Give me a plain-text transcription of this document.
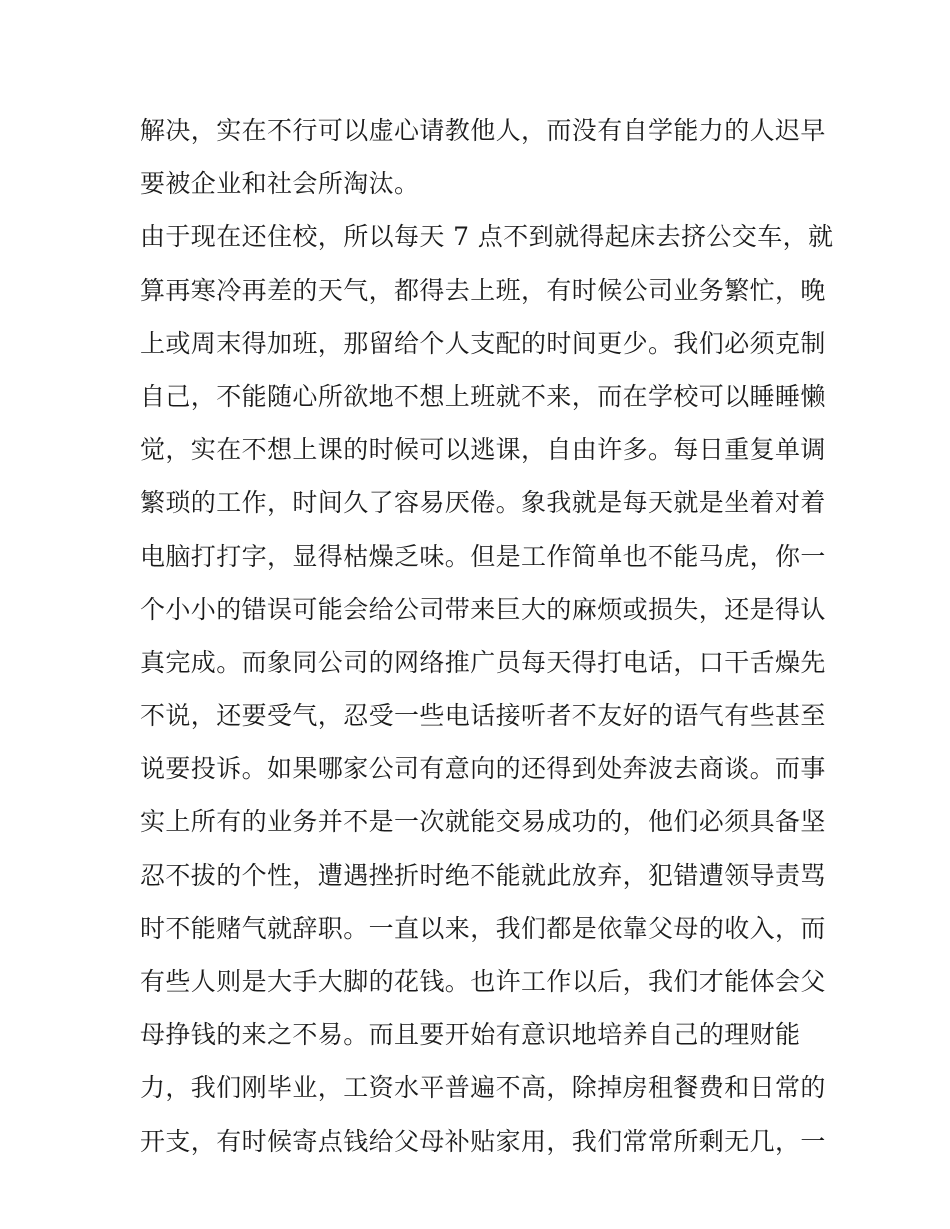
解决，实在不行可以虚心请教他人，而没有自学能力的人迟早
要被企业和社会所淘汰。
由于现在还住校，所以每天 7 点不到就得起床去挤公交车，就
算再寒冷再差的天气，都得去上班，有时候公司业务繁忙，晚
上或周末得加班，那留给个人支配的时间更少。我们必须克制
自己，不能随心所欲地不想上班就不来，而在学校可以睡睡懒
觉，实在不想上课的时候可以逃课，自由许多。每日重复单调
繁琐的工作，时间久了容易厌倦。象我就是每天就是坐着对着
电脑打打字，显得枯燥乏味。但是工作简单也不能马虎，你一
个小小的错误可能会给公司带来巨大的麻烦或损失，还是得认
真完成。而象同公司的网络推广员每天得打电话，口干舌燥先
不说，还要受气，忍受一些电话接听者不友好的语气有些甚至
说要投诉。如果哪家公司有意向的还得到处奔波去商谈。而事
实上所有的业务并不是一次就能交易成功的，他们必须具备坚
忍不拔的个性，遭遇挫折时绝不能就此放弃，犯错遭领导责骂
时不能赌气就辞职。一直以来，我们都是依靠父母的收入，而
有些人则是大手大脚的花钱。也许工作以后，我们才能体会父
母挣钱的来之不易。而且要开始有意识地培养自己的理财能
力，我们刚毕业，工资水平普遍不高，除掉房租餐费和日常的
开支，有时候寄点钱给父母补贴家用，我们常常所剩无几，一
